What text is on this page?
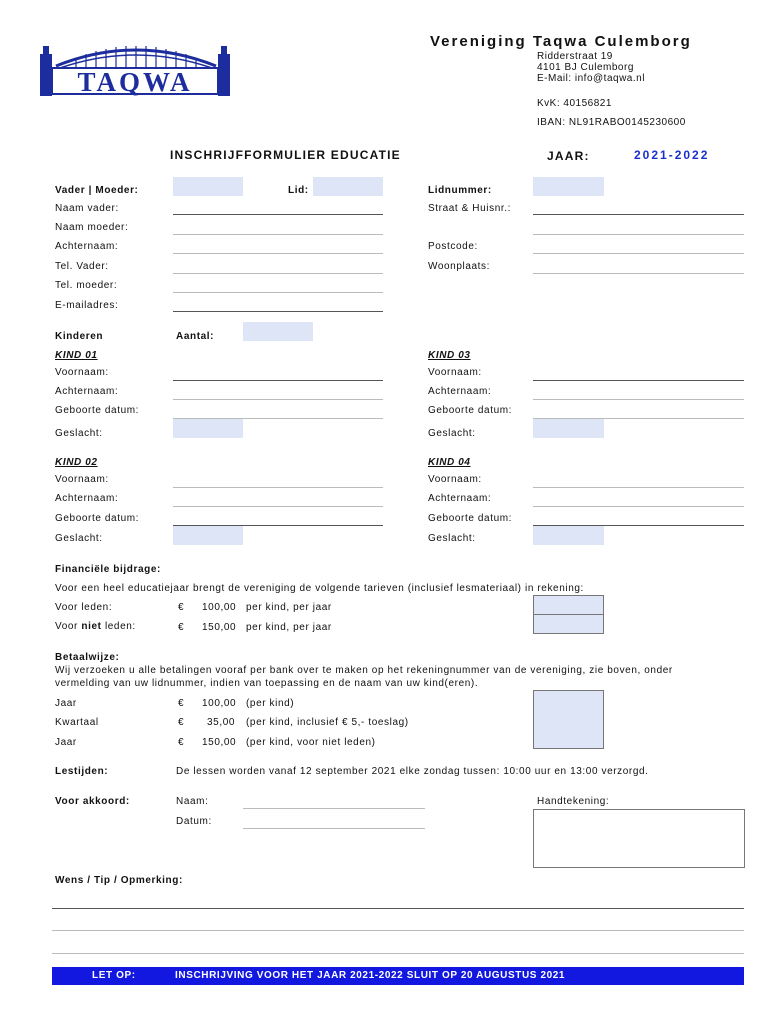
TAQWA
Vereniging Taqwa Culemborg
Ridderstraat 19
4101 BJ Culemborg
E-Mail: info@taqwa.nl
KvK: 40156821
IBAN: NL91RABO0145230600
INSCHRIJFFORMULIER EDUCATIE	JAAR:	2021-2022
Vader | Moeder:	Lid:	Lidnummer:
Naam vader:	Straat & Huisnr.:
Naam moeder:
Achternaam:	Postcode:
Tel. Vader:	Woonplaats:
Tel. moeder:
E-mailadres:
Kinderen	Aantal:
KIND 01
Voornaam:
Achternaam:
Geboorte datum:
Geslacht:
KIND 03
Voornaam:
Achternaam:
Geboorte datum:
Geslacht:
KIND 02
Voornaam:
Achternaam:
Geboorte datum:
Geslacht:
KIND 04
Voornaam:
Achternaam:
Geboorte datum:
Geslacht:
Financiële bijdrage:
Voor een heel educatiejaar brengt de vereniging de volgende tarieven (inclusief lesmateriaal) in rekening:
Voor leden:	€ 100,00 per kind, per jaar
Voor niet leden:	€ 150,00 per kind, per jaar
Betaalwijze:
Wij verzoeken u alle betalingen vooraf per bank over te maken op het rekeningnummer van de vereniging, zie boven, onder
vermelding van uw lidnummer, indien van toepassing en de naam van uw kind(eren).
Jaar	€ 100,00 (per kind)
Kwartaal	€ 35,00 (per kind, inclusief € 5,- toeslag)
Jaar	€ 150,00 (per kind, voor niet leden)
Lestijden:	De lessen worden vanaf 12 september 2021 elke zondag tussen: 10:00 uur en 13:00 verzorgd.
Voor akkoord:	Naam:
Datum:
Handtekening:
Wens / Tip / Opmerking:
LET OP:	INSCHRIJVING VOOR HET JAAR 2021-2022 SLUIT OP 20 AUGUSTUS 2021
